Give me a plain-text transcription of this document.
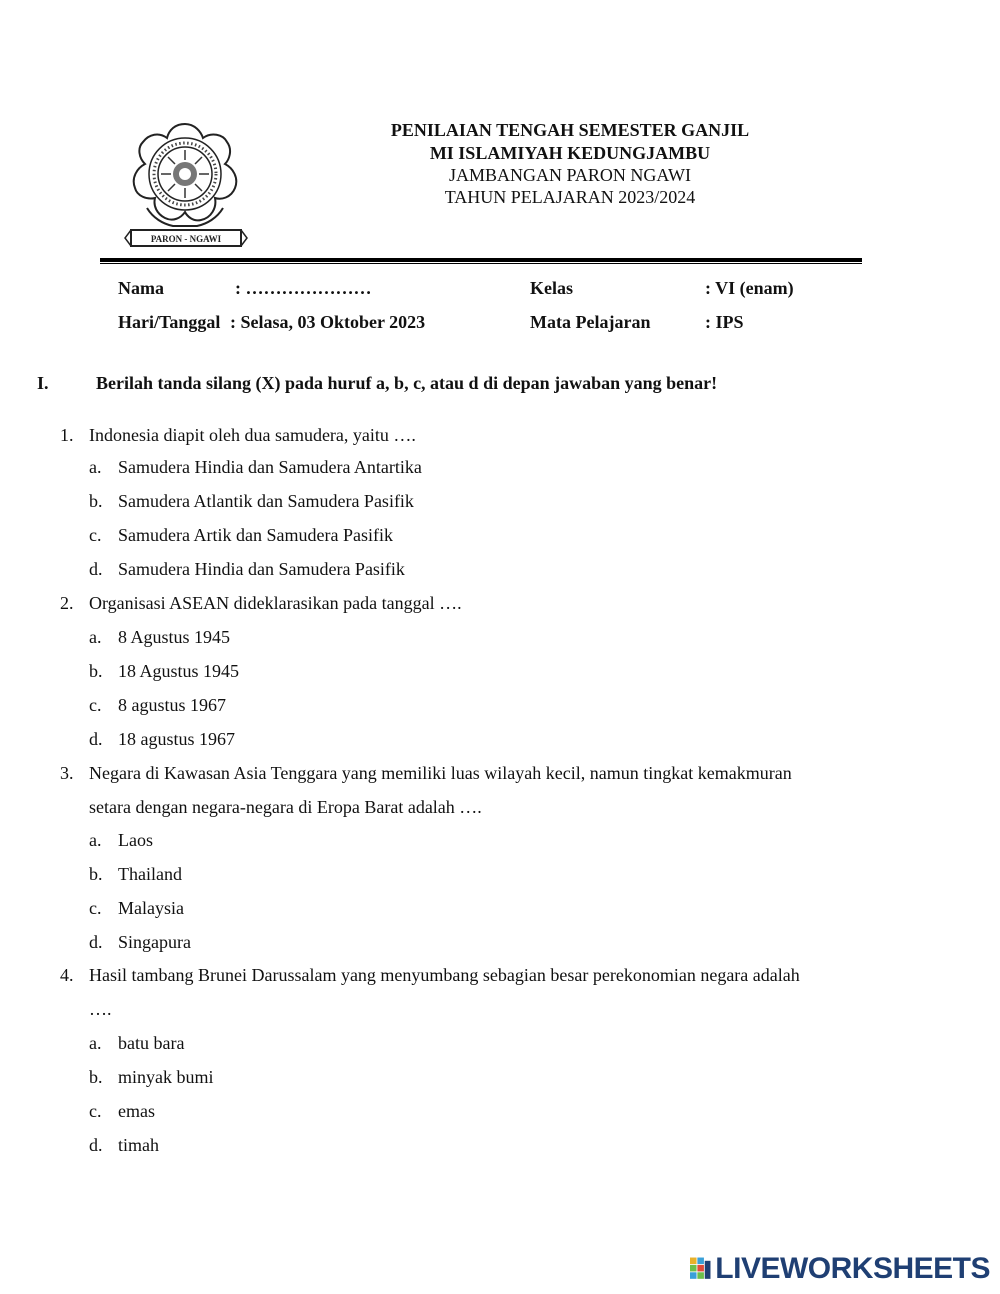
PARON - NGAWI
PENILAIAN TENGAH SEMESTER GANJIL
MI ISLAMIYAH KEDUNGJAMBU
JAMBANGAN PARON NGAWI
TAHUN PELAJARAN 2023/2024
Nama	: …………………	Kelas	: VI (enam)
Hari/Tanggal : Selasa, 03 Oktober 2023	Mata Pelajaran	: IPS
I.	Berilah tanda silang (X) pada huruf a, b, c, atau d di depan jawaban yang benar!
1. Indonesia diapit oleh dua samudera, yaitu ….
a. Samudera Hindia dan Samudera Antartika
b. Samudera Atlantik dan Samudera Pasifik
c. Samudera Artik dan Samudera Pasifik
d. Samudera Hindia dan Samudera Pasifik
2. Organisasi ASEAN dideklarasikan pada tanggal ….
a. 8 Agustus 1945
b. 18 Agustus 1945
c. 8 agustus 1967
d. 18 agustus 1967
3. Negara di Kawasan Asia Tenggara yang memiliki luas wilayah kecil, namun tingkat kemakmuran
setara dengan negara-negara di Eropa Barat adalah ….
a. Laos
b. Thailand
c. Malaysia
d. Singapura
4. Hasil tambang Brunei Darussalam yang menyumbang sebagian besar perekonomian negara adalah
….
a. batu bara
b. minyak bumi
c. emas
d. timah
LIVEWORKSHEETS
